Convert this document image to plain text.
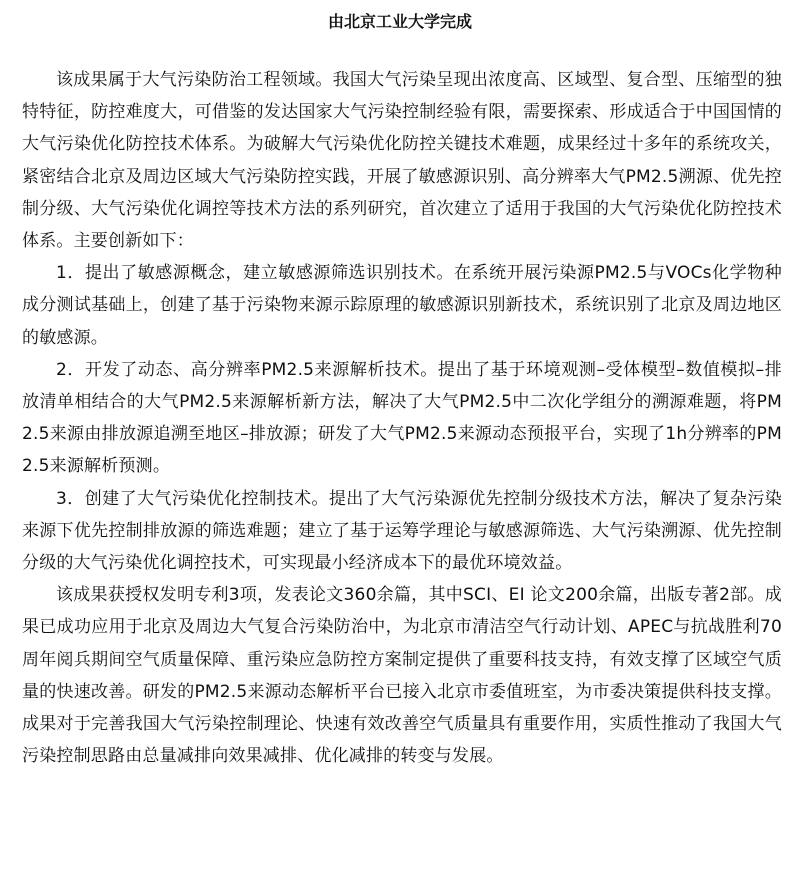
由北京工业大学完成

该成果属于大气污染防治工程领域。我国大气污染呈现出浓度高、区域型、复合型、压缩型的独特特征，防控难度大，可借鉴的发达国家大气污染控制经验有限，需要探索、形成适合于中国国情的大气污染优化防控技术体系。为破解大气污染优化防控关键技术难题，成果经过十多年的系统攻关，紧密结合北京及周边区域大气污染防控实践，开展了敏感源识别、高分辨率大气PM2.5溯源、优先控制分级、大气污染优化调控等技术方法的系列研究，首次建立了适用于我国的大气污染优化防控技术体系。主要创新如下：

1．提出了敏感源概念，建立敏感源筛选识别技术。在系统开展污染源PM2.5与VOCs化学物种成分测试基础上，创建了基于污染物来源示踪原理的敏感源识别新技术，系统识别了北京及周边地区的敏感源。

2．开发了动态、高分辨率PM2.5来源解析技术。提出了基于环境观测–受体模型–数值模拟–排放清单相结合的大气PM2.5来源解析新方法，解决了大气PM2.5中二次化学组分的溯源难题，将PM2.5来源由排放源追溯至地区–排放源；研发了大气PM2.5来源动态预报平台，实现了1h分辨率的PM2.5来源解析预测。

3．创建了大气污染优化控制技术。提出了大气污染源优先控制分级技术方法，解决了复杂污染来源下优先控制排放源的筛选难题；建立了基于运筹学理论与敏感源筛选、大气污染溯源、优先控制分级的大气污染优化调控技术，可实现最小经济成本下的最优环境效益。

该成果获授权发明专利3项，发表论文360余篇，其中SCI、EI 论文200余篇，出版专著2部。成果已成功应用于北京及周边大气复合污染防治中，为北京市清洁空气行动计划、APEC与抗战胜利70周年阅兵期间空气质量保障、重污染应急防控方案制定提供了重要科技支持，有效支撑了区域空气质量的快速改善。研发的PM2.5来源动态解析平台已接入北京市委值班室，为市委决策提供科技支撑。成果对于完善我国大气污染控制理论、快速有效改善空气质量具有重要作用，实质性推动了我国大气污染控制思路由总量减排向效果减排、优化减排的转变与发展。
